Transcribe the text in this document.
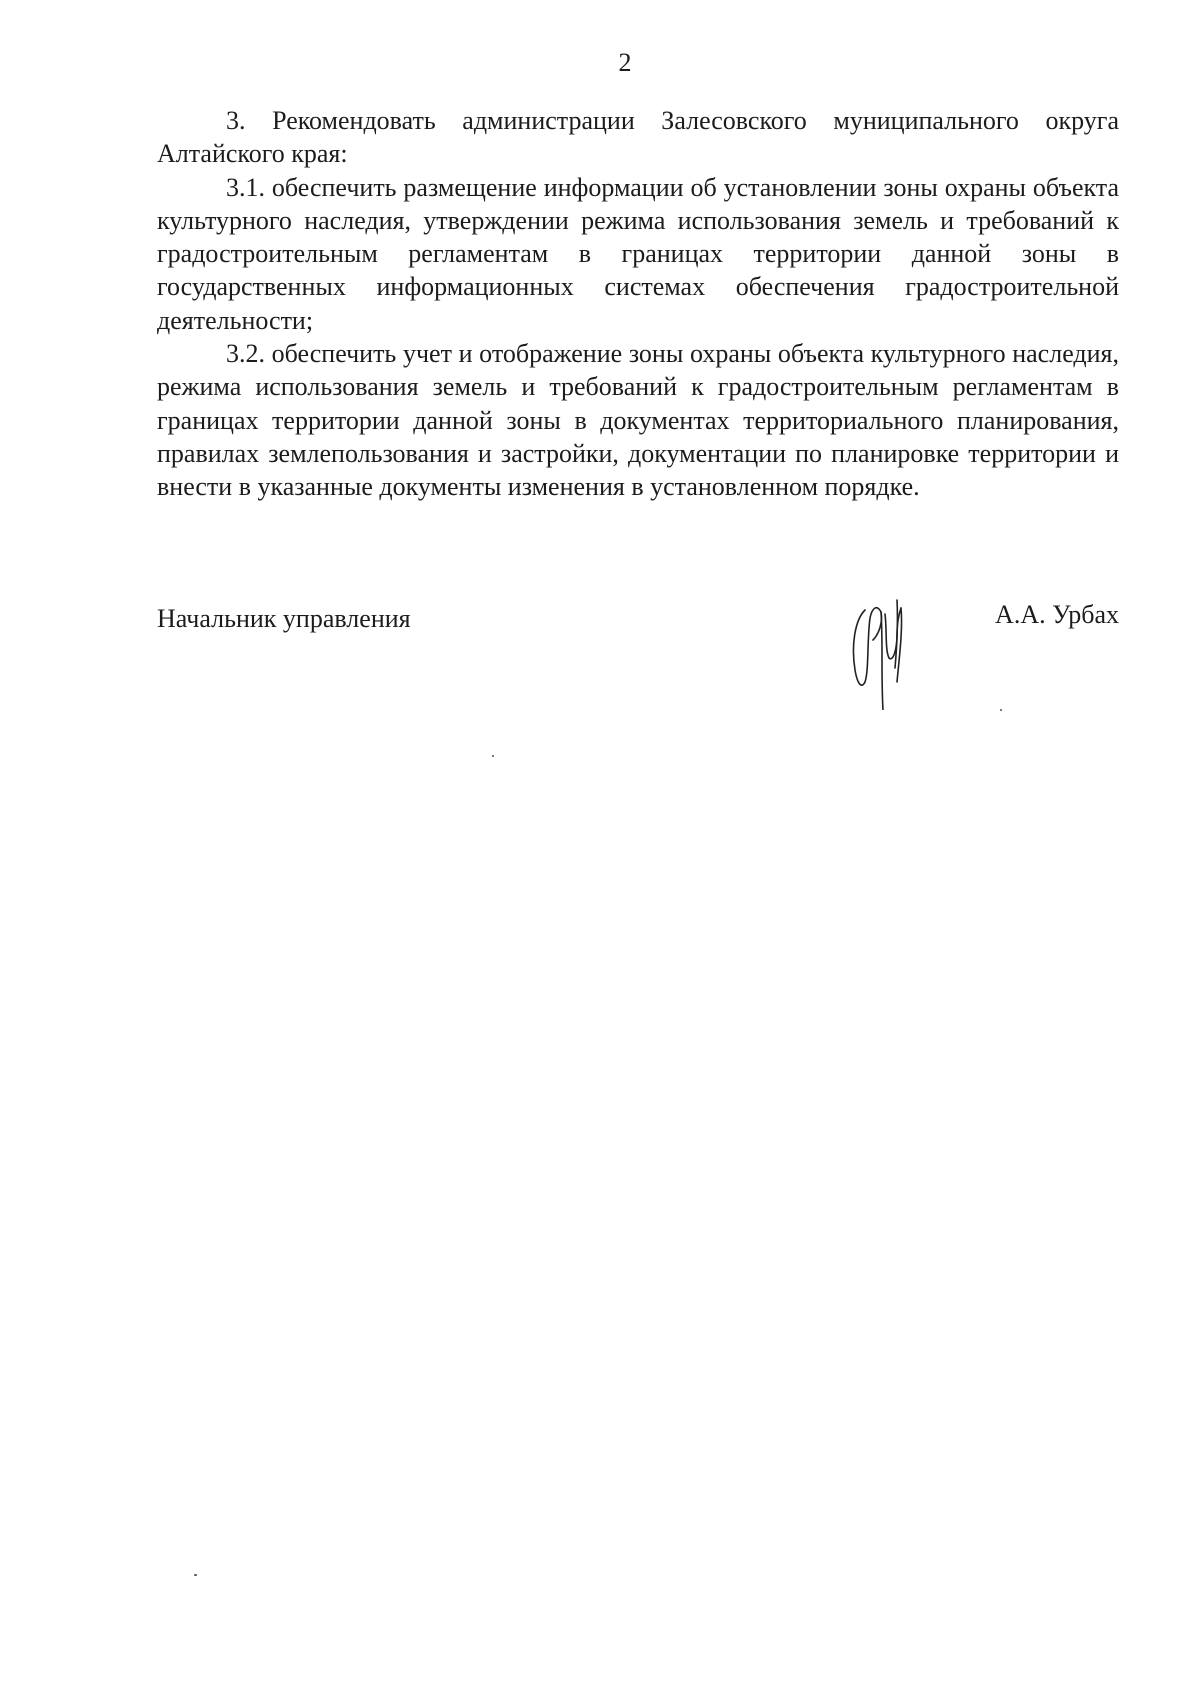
2

3. Рекомендовать администрации Залесовского муниципального округа Алтайского края:

3.1. обеспечить размещение информации об установлении зоны охраны объекта культурного наследия, утверждении режима использования земель и требований к градостроительным регламентам в границах территории данной зоны в государственных информационных системах обеспечения градостроительной деятельности;

3.2. обеспечить учет и отображение зоны охраны объекта культурного наследия, режима использования земель и требований к градостроительным регламентам в границах территории данной зоны в документах территориального планирования, правилах землепользования и застройки, документации по планировке территории и внести в указанные документы изменения в установленном порядке.

Начальник управления	А.А. Урбах
